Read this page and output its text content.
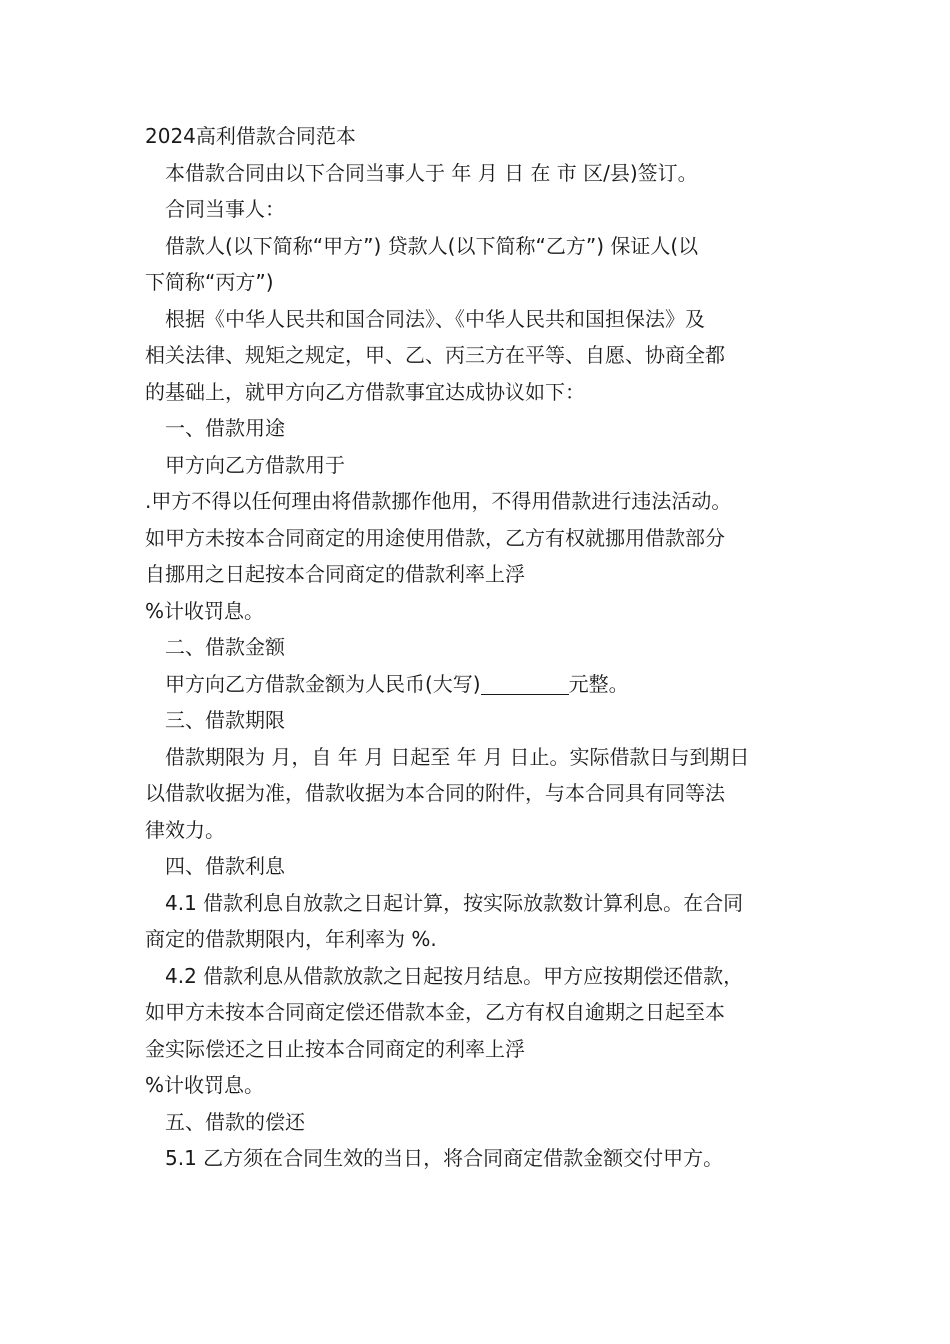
2024高利借款合同范本
本借款合同由以下合同当事人于 年 月 日 在 市 区/县)签订。
合同当事人：
借款人(以下简称“甲方”) 贷款人(以下简称“乙方”) 保证人(以
下简称“丙方”)
根据《中华人民共和国合同法》、《中华人民共和国担保法》及
相关法律、规矩之规定，甲、乙、丙三方在平等、自愿、协商全都
的基础上，就甲方向乙方借款事宜达成协议如下：
一、借款用途
甲方向乙方借款用于
.甲方不得以任何理由将借款挪作他用，不得用借款进行违法活动。
如甲方未按本合同商定的用途使用借款，乙方有权就挪用借款部分
自挪用之日起按本合同商定的借款利率上浮
%计收罚息。
二、借款金额
甲方向乙方借款金额为人民币(大写)	元整。
三、借款期限
借款期限为 月，自 年 月 日起至 年 月 日止。实际借款日与到期日
以借款收据为准，借款收据为本合同的附件，与本合同具有同等法
律效力。
四、借款利息
4.1 借款利息自放款之日起计算，按实际放款数计算利息。在合同
商定的借款期限内，年利率为 %.
4.2 借款利息从借款放款之日起按月结息。甲方应按期偿还借款，
如甲方未按本合同商定偿还借款本金，乙方有权自逾期之日起至本
金实际偿还之日止按本合同商定的利率上浮
%计收罚息。
五、借款的偿还
5.1 乙方须在合同生效的当日，将合同商定借款金额交付甲方。
